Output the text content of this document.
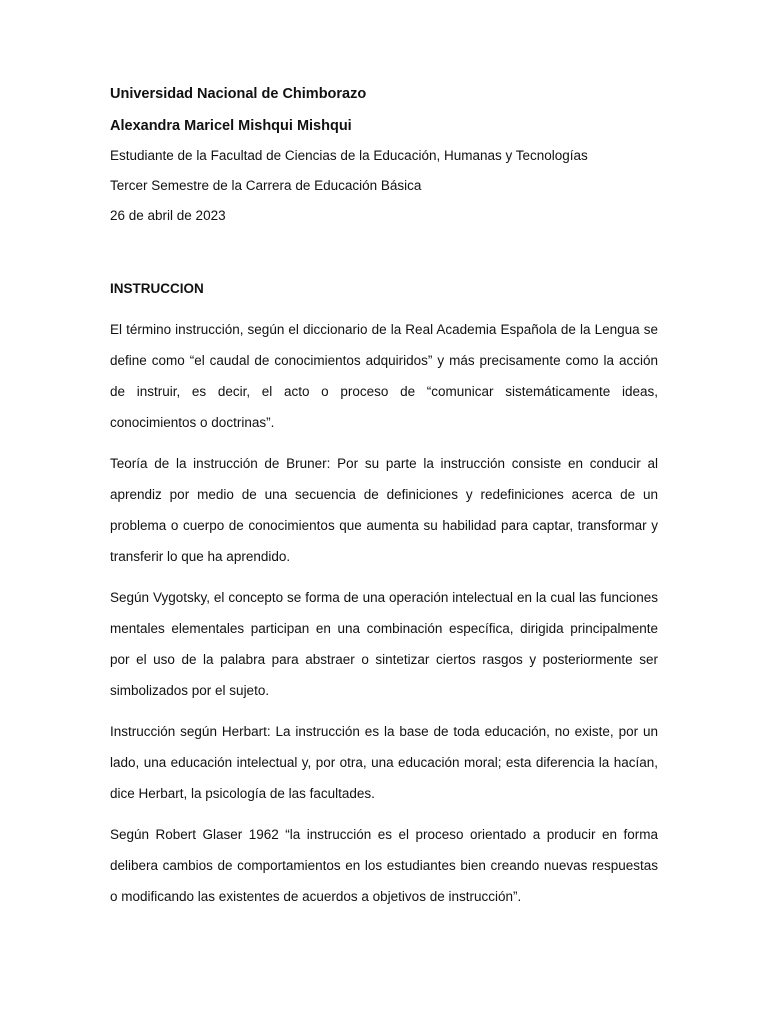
Universidad Nacional de Chimborazo
Alexandra Maricel Mishqui Mishqui
Estudiante de la Facultad de Ciencias de la Educación, Humanas y Tecnologías
Tercer Semestre de la Carrera de Educación Básica
26 de abril de 2023
INSTRUCCION

El término instrucción, según el diccionario de la Real Academia Española de la Lengua se define como “el caudal de conocimientos adquiridos” y más precisamente como la acción de instruir, es decir, el acto o proceso de “comunicar sistemáticamente ideas, conocimientos o doctrinas”.

Teoría de la instrucción de Bruner: Por su parte la instrucción consiste en conducir al aprendiz por medio de una secuencia de definiciones y redefiniciones acerca de un problema o cuerpo de conocimientos que aumenta su habilidad para captar, transformar y transferir lo que ha aprendido.

Según Vygotsky, el concepto se forma de una operación intelectual en la cual las funciones mentales elementales participan en una combinación específica, dirigida principalmente por el uso de la palabra para abstraer o sintetizar ciertos rasgos y posteriormente ser simbolizados por el sujeto.

Instrucción según Herbart: La instrucción es la base de toda educación, no existe, por un lado, una educación intelectual y, por otra, una educación moral; esta diferencia la hacían, dice Herbart, la psicología de las facultades.

Según Robert Glaser 1962 “la instrucción es el proceso orientado a producir en forma delibera cambios de comportamientos en los estudiantes bien creando nuevas respuestas o modificando las existentes de acuerdos a objetivos de instrucción”.
